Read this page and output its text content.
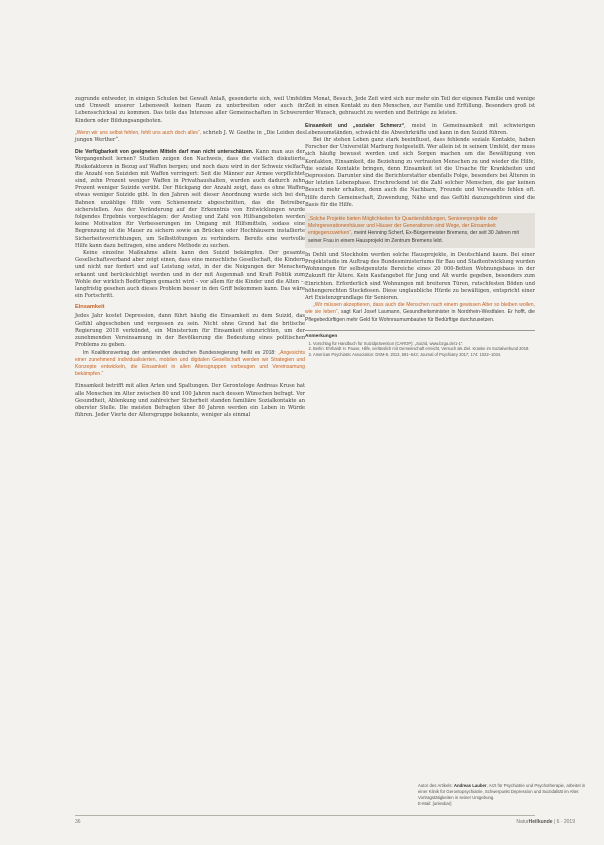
zugrunde entweder, in einigen Schulen bei Gewalt Anlaß, gesonderte sich, weil Umfeld und Umwelt unserer Lebenswelt keinen Raum zu unterbreiten oder auch ihr Lebensschicksal zu kommen. Das teile das Interesse aller Gemeinschaften in Schwerer Kindern oder Bildungsangeboten.

„Wenn wir uns selbst fehlen, fehlt uns auch doch alles“, schrieb J. W. Goethe in „Die Leiden des jungen Werther“.

Die Verfügbarkeit von geeigneten Mitteln darf man nicht unterschätzen. Kann man aus der Vergangenheit lernen? Studien zeigen den Nachweis, dass die vielfach diskutierte Risikofaktoren in Bezug auf Waffen bergen; und noch dazu wird in der Schweiz vielfach die Anzahl von Suiziden mit Waffen verringert: Seit die Männer zur Armee verpflichtet sind, zehn Prozent weniger Waffen in Privathaushalten, wurden auch dadurch zehn Prozent weniger Suizide verübt. Der Rückgang der Anzahl zeigt, dass es ohne Waffen etwas weniger Suizide gibt. In den Jahren seit dieser Anordnung wurde sich bei den Bahnen unzählige Hilfe vom Schienennetz abgeschnitten, das die Betreiber sicherstellen. Aus der Veränderung auf der Erkenntnis von Entwicklungen wurde folgendes Ergebnis vorgeschlagen: der Anstieg und Zahl von Hilfsangeboten werden keine Motivation für Verbesserungen im Umgang mit Hilfsmitteln, sodass eine Begrenzung ist die Mauer zu sichern sowie an Brücken oder Hochhäusern installierte Sicherheitsvorrichtungen, um Selbsttötungen zu verhindern. Bereits eine wertvolle Hilfe kann dazu beitragen, eine andere Methode zu suchen.

Keine einzelne Maßnahme allein kann den Suizid bekämpfen. Der gesamte Gesellschaftsverband aber zeigt einen, dass eine menschliche Gesellschaft, die Kindern und nicht nur fordert und auf Leistung setzt, in der die Neigungen der Menschen erkannt und berücksichtigt werden und in der mit Augenmaß und Kraft Politik zum Wohle der wirklich Bedürftigen gemacht wird – vor allem für die Kinder und die Alten –, langfristig gesehen auch dieses Problem besser in den Griff bekommen kann. Das wäre ein Fortschritt.

Einsamkeit

Jedes Jahr kostet Depression, dann führt häufig die Einsamkeit zu dem Suizid, das Gefühl abgeschoben und vergessen zu sein. Nicht ohne Grund hat die britische Regierung 2018 verkündet, ein Ministerium für Einsamkeit einzurichten, um der zunehmenden Vereinsamung in der Bevölkerung die Bedeutung eines politischen Problems zu geben.

Im Koalitionsvertrag der amtierenden deutschen Bundesregierung heißt es 2018: „Angesichts einer zunehmend individualisierten, mobilen und digitalen Gesellschaft werden wir Strategien und Konzepte entwickeln, die Einsamkeit in allen Altersgruppen vorbeugen und Vereinsamung bekämpfen.“

Einsamkeit betrifft mit allen Arten und Spaltungen. Der Gerontologe Andreas Kruse hat alle Menschen im Alter zwischen 80 und 100 Jahren nach dessen Wünschen befragt. Vor Gesundheit, Ablenkung und zahlreicher Sicherheit standen familiäre Sozialkontakte an oberster Stelle. Die meisten Befragten über 80 Jahren werden ein Leben in Würde führen. Jeder Vierte der Altersgruppe bekannte, weniger als einmal

im Monat, Besuch, Jede Zeit wird sich nur mehr ein Teil der eigenen Familie und wenige Zeit in einen Kontakt zu den Menschen, zur Familie und Erfüllung. Besonders groß ist der Wunsch, gebraucht zu werden und Beiträge zu leisten.

Einsamkeit und „sozialer Schmerz“, meist in Gemeinsamkeit mit schwierigen Lebensumständen, schwächt die Abwehrkräfte und kann in den Suizid führen.

Bei ihr stehen Leben ganz stark beeinflusst, dass fehlende soziale Kontakte, haben Forscher der Universität Marburg festgestellt. Wer allein ist in seinem Umfeld, der muss sich häufig bewusst werden und sich Sorgen machen um die Bewältigung von Kontakten, Einsamkeit, die Beziehung zu vertrauten Menschen zu und wieder die Hilfe, die soziale Kontakte bringen, denn Einsamkeit ist die Ursache für Krankheiten und Depression. Darunter sind die Berichterstatter ebenfalls Folge, besonders bei Älteren in der letzten Lebensphase. Erschreckend ist die Zahl solcher Menschen, die gar keinen Besuch mehr erhalten, denn auch die Nachbarn, Freunde und Verwandte fehlen oft. Hilfe durch Gemeinschaft, Zuwendung, Nähe und das Gefühl dazuzugehören sind die Basis für die Hilfe.

„Solche Projekte bieten Möglichkeiten für Quartiersbildungen, Seniorenprojekte oder Mehrgenerationenhäuser und Häuser der Generationen sind Wege, der Einsamkeit entgegenzuwirken“, meint Henning Scherf, Ex-Bürgermeister Bremens, der seit 30 Jahren mit seiner Frau in einem Hausprojekt im Zentrum Bremens lebt.

In Dehli und Stockholm werden solche Hausprojekte, in Deutschland kaum. Bei einer Projektstudie im Auftrag des Bundesministeriums für Bau und Stadtentwicklung wurden Wohnungen für selbstgenutzte Bereiche eines 20 000-Betten Wohnungsbaus in der Zukunft für Ältere. Kein Kaufangebot für Jung und Alt wurde gegeben, besonders zum Einrichten. Erforderlich sind Wohnungen mit breiteren Türen, rutschfesten Böden und höhengerechten Steckdosen. Diese unglaubliche Hürde zu bewältigen, entspricht einer Art Existenzgrundlage für Senioren.

„Wir müssen akzeptieren, dass auch die Menschen nach einem gewissen Alter so bleiben wollen, wie sie leben“, sagt Karl Josef Laumann, Gesundheitsminister in Nordrhein-Westfalen. Er hofft, die Pflegebedürftigen mehr Geld für Wohnraumumbauten für Bedürftige durchzusetzen.

Anmerkungen
1. Vorschlag für Handbuch für Suizidprävention (CAROP): „Suizid, www.bzga.de/1-1“.
2. Berlin: Ehrhardt H. Pause, Hilfe, verlässlich mit Gemeinschaft erreicht, Versuch als Ziel. Kranke im Sozialverbund 2019.
3. American Psychiatric Association: DSM-5. 2013, 591–643; Journal of Psychiatry 2017; 174: 1022–1034.
Autor des Artikels: Andreas Lauber, Arzt für Psychiatrie und Psychotherapie, arbeitet in einer Klinik für Gerontopsychiatrie, Schwerpunkt Depression und Suizidalität im Alter. Vortragstätigkeiten in seiner Umgebung.
E-Mail: [unlesbar]
36	NaturHeilkunde | 6 · 2019
